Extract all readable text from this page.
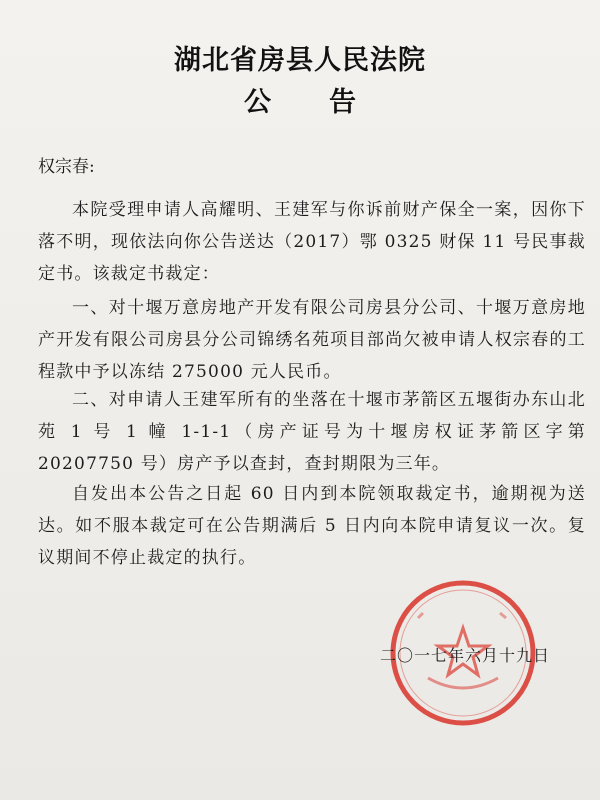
湖北省房县人民法院
公告
权宗春:

本院受理申请人高耀明、王建军与你诉前财产保全一案，因你下落不明，现依法向你公告送达（2017）鄂 0325 财保 11 号民事裁定书。该裁定书裁定：

一、对十堰万意房地产开发有限公司房县分公司、十堰万意房地产开发有限公司房县分公司锦绣名苑项目部尚欠被申请人权宗春的工程款中予以冻结 275000 元人民币。

二、对申请人王建军所有的坐落在十堰市茅箭区五堰街办东山北苑 1 号 1 幢 1-1-1（房产证号为十堰房权证茅箭区字第 20207750 号）房产予以查封，查封期限为三年。

自发出本公告之日起 60 日内到本院领取裁定书，逾期视为送达。如不服本裁定可在公告期满后 5 日内向本院申请复议一次。复议期间不停止裁定的执行。

二〇一七年六月十九日
